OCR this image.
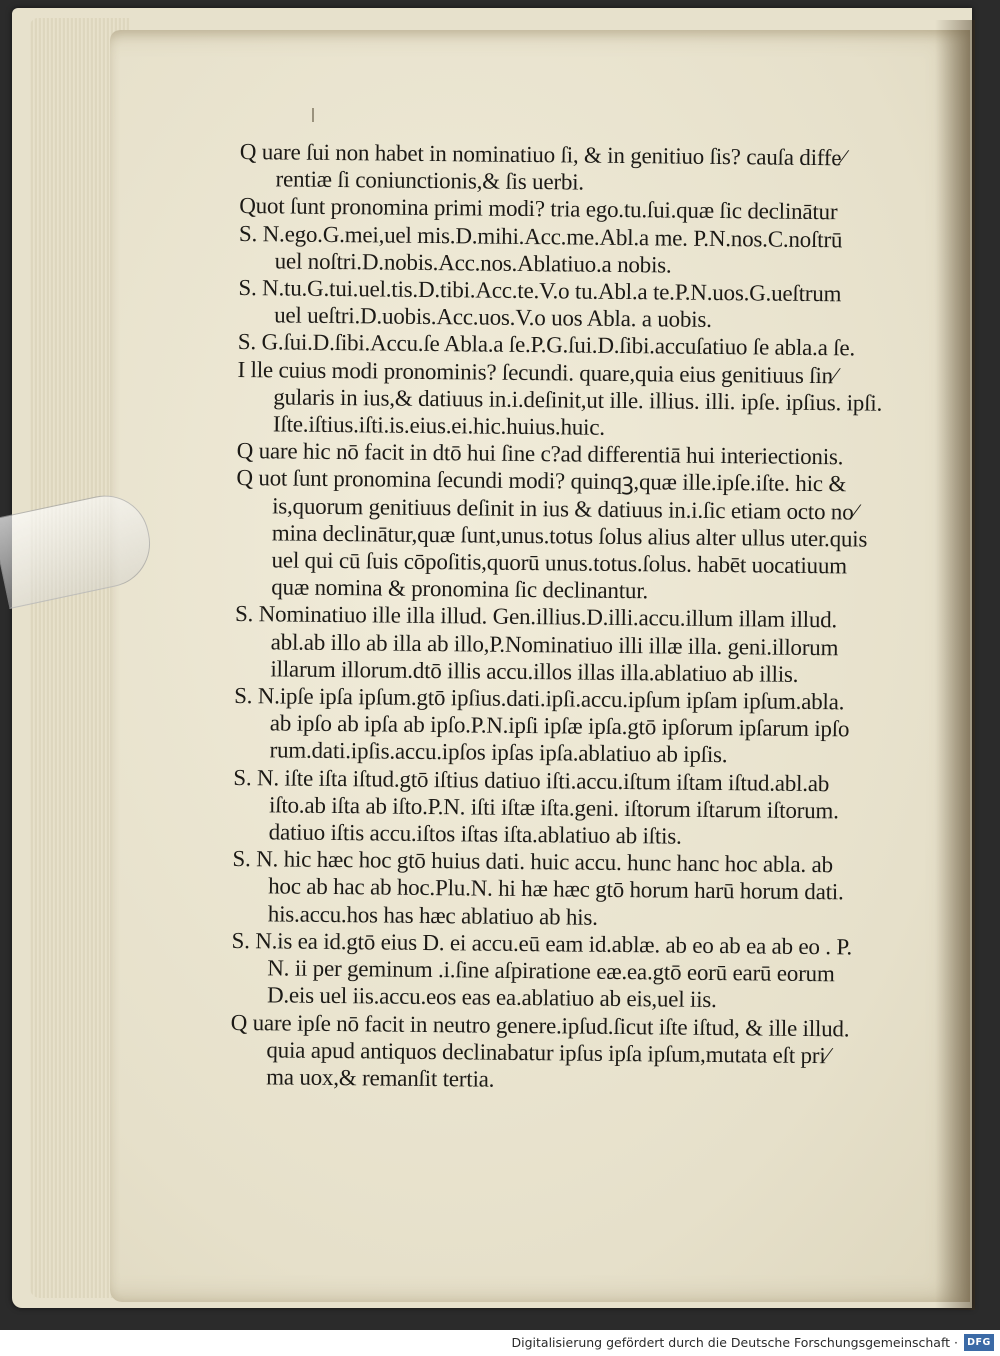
Q uare ſui non habet in nominatiuo ſi, & in genitiuo ſis? cauſa diffe⁄
rentiæ ſi coniunctionis,& ſis uerbi.
Quot ſunt pronomina primi modi? tria ego.tu.ſui.quæ ſic declinātur
S. N.ego.G.mei,uel mis.D.mihi.Acc.me.Abl.a me. P.N.nos.C.noſtrū
uel noſtri.D.nobis.Acc.nos.Ablatiuo.a nobis.
S. N.tu.G.tui.uel.tis.D.tibi.Acc.te.V.o tu.Abl.a te.P.N.uos.G.ueſtrum
uel ueſtri.D.uobis.Acc.uos.V.o uos Abla. a uobis.
S. G.ſui.D.ſibi.Accu.ſe Abla.a ſe.P.G.ſui.D.ſibi.accuſatiuo ſe abla.a ſe.
I lle cuius modi pronominis? ſecundi. quare,quia eius genitiuus ſin⁄
gularis in ius,& datiuus in.i.deſinit,ut ille. illius. illi. ipſe. ipſius. ipſi.
Iſte.iſtius.iſti.is.eius.ei.hic.huius.huic.
Q uare hic nō facit in dtō hui ſine c?ad differentiā hui interiectionis.
Q uot ſunt pronomina ſecundi modi? quinqꝫ,quæ ille.ipſe.iſte. hic &
is,quorum genitiuus deſinit in ius & datiuus in.i.ſic etiam octo no⁄
mina declinātur,quæ ſunt,unus.totus ſolus alius alter ullus uter.quis
uel qui cū ſuis cōpoſitis,quorū unus.totus.ſolus. habēt uocatiuum
quæ nomina & pronomina ſic declinantur.
S. Nominatiuo ille illa illud. Gen.illius.D.illi.accu.illum illam illud.
abl.ab illo ab illa ab illo,P.Nominatiuo illi illæ illa. geni.illorum
illarum illorum.dtō illis accu.illos illas illa.ablatiuo ab illis.
S. N.ipſe ipſa ipſum.gtō ipſius.dati.ipſi.accu.ipſum ipſam ipſum.abla.
ab ipſo ab ipſa ab ipſo.P.N.ipſi ipſæ ipſa.gtō ipſorum ipſarum ipſo
rum.dati.ipſis.accu.ipſos ipſas ipſa.ablatiuo ab ipſis.
S. N. iſte iſta iſtud.gtō iſtius datiuo iſti.accu.iſtum iſtam iſtud.abl.ab
iſto.ab iſta ab iſto.P.N. iſti iſtæ iſta.geni. iſtorum iſtarum iſtorum.
datiuo iſtis accu.iſtos iſtas iſta.ablatiuo ab iſtis.
S. N. hic hæc hoc gtō huius dati. huic accu. hunc hanc hoc abla. ab
hoc ab hac ab hoc.Plu.N. hi hæ hæc gtō horum harū horum dati.
his.accu.hos has hæc ablatiuo ab his.
S. N.is ea id.gtō eius D. ei accu.eū eam id.ablæ. ab eo ab ea ab eo . P.
N. ii per geminum .i.ſine aſpiratione eæ.ea.gtō eorū earū eorum
D.eis uel iis.accu.eos eas ea.ablatiuo ab eis,uel iis.
Q uare ipſe nō facit in neutro genere.ipſud.ſicut iſte iſtud, & ille illud.
quia apud antiquos declinabatur ipſus ipſa ipſum,mutata eſt pri⁄
ma uox,& remanſit tertia.
Digitalisierung gefördert durch die Deutsche Forschungsgemeinschaft · DFG
